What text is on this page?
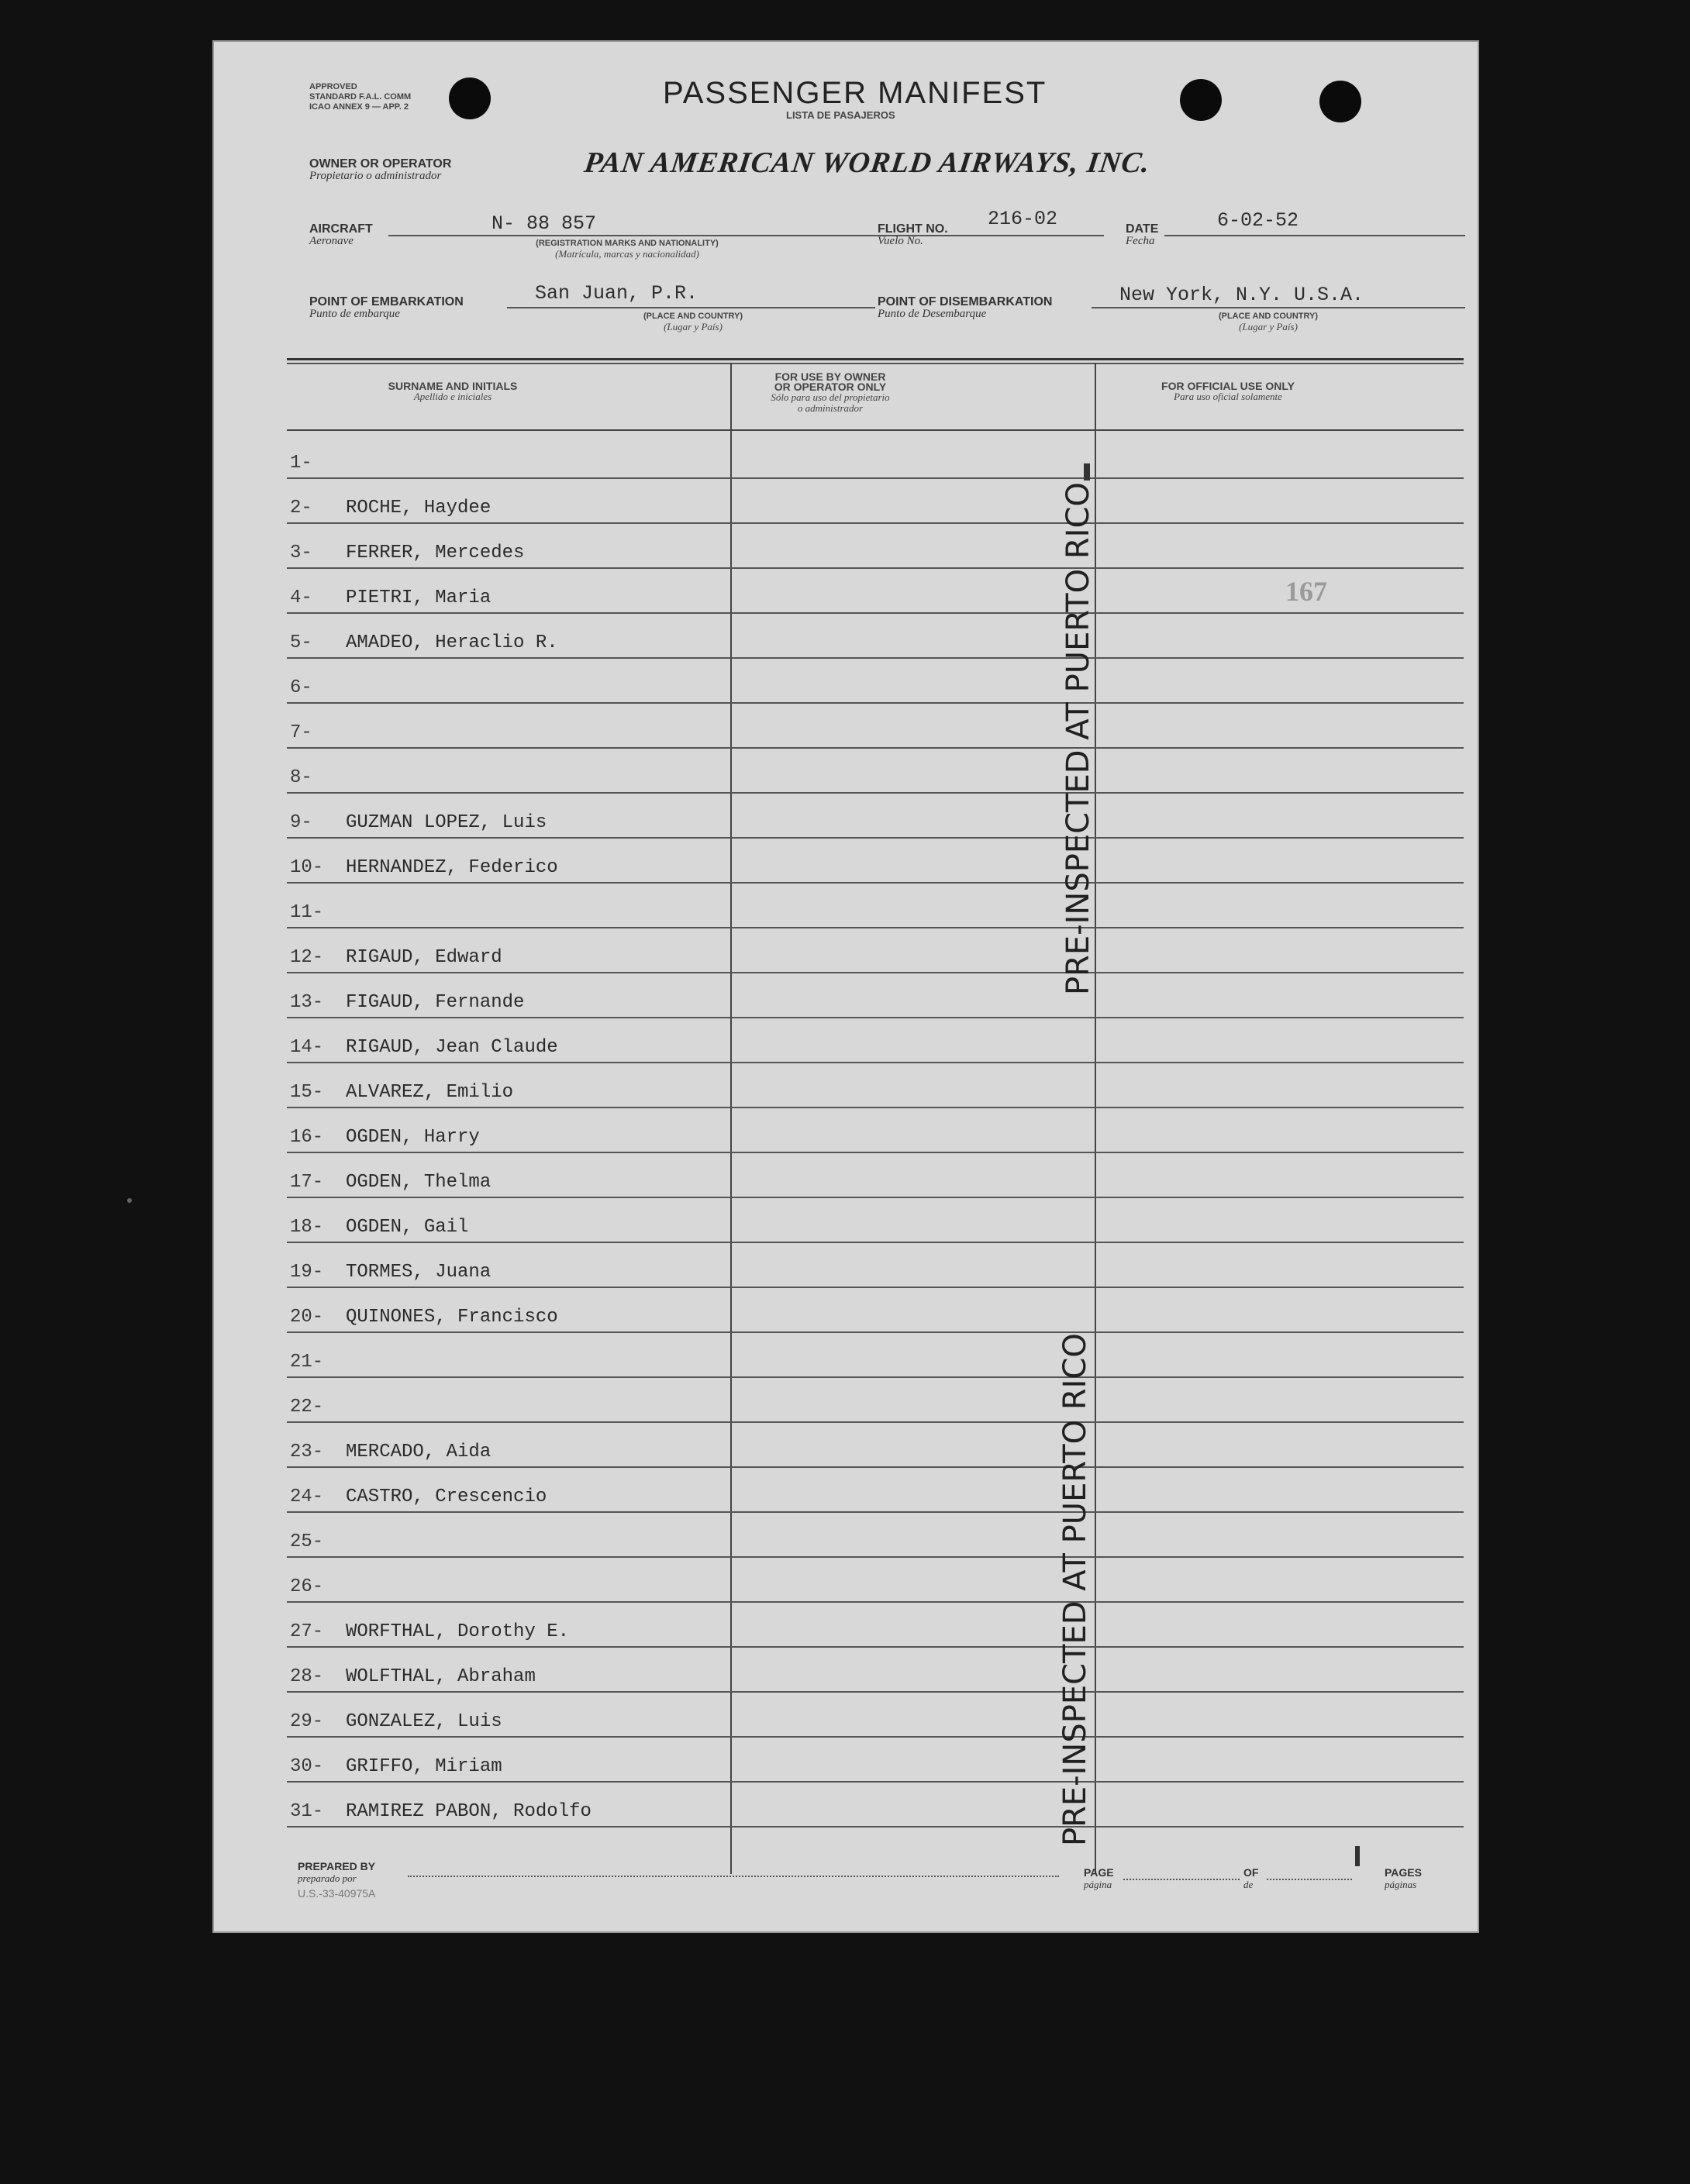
APPROVED
STANDARD F.A.L. COMM
ICAO ANNEX 9 — APP. 2	PASSENGER MANIFEST
LISTA DE PASAJEROS
OWNER OR OPERATOR
Propietario o administrador	PAN AMERICAN WORLD AIRWAYS, INC.
AIRCRAFT
Aeronave
N- 88 857
(REGISTRATION MARKS AND NATIONALITY)
(Matrícula, marcas y nacionalidad)
FLIGHT NO.
Vuelo No.
216-02	DATE
Fecha
6-02-52
POINT OF EMBARKATION
Punto de embarque
San Juan, P.R.
(PLACE AND COUNTRY)
(Lugar y País)
POINT OF DISEMBARKATION
Punto de Desembarque
New York, N.Y. U.S.A.
(PLACE AND COUNTRY)
(Lugar y País)
SURNAME AND INITIALS
Apellido e iniciales
FOR USE BY OWNER
OR OPERATOR ONLY
Sólo para uso del propietario
o administrador
FOR OFFICIAL USE ONLY
Para uso oficial solamente
1-
2- ROCHE, Haydee
3- FERRER, Mercedes
4- PIETRI, Maria
5- AMADEO, Heraclio R.
6-
7-
8-
9- GUZMAN LOPEZ, Luis
10- HERNANDEZ, Federico
11-
12- RIGAUD, Edward
13- FIGAUD, Fernande
14- RIGAUD, Jean Claude
15- ALVAREZ, Emilio
16- OGDEN, Harry
17- OGDEN, Thelma
18- OGDEN, Gail
19- TORMES, Juana
20- QUINONES, Francisco
21-
22-
23- MERCADO, Aida
24- CASTRO, Crescencio
25-
26-
27- WORFTHAL, Dorothy E.
28- WOLFTHAL, Abraham
29- GONZALEZ, Luis
30- GRIFFO, Miriam
31- RAMIREZ PABON, Rodolfo
PRE-INSPECTED AT PUERTO RICO
PRE-INSPECTED AT PUERTO RICO
167
PREPARED BY
preparado por
U.S.-33-40975A
PAGE
página
OF
de
PAGES
páginas
